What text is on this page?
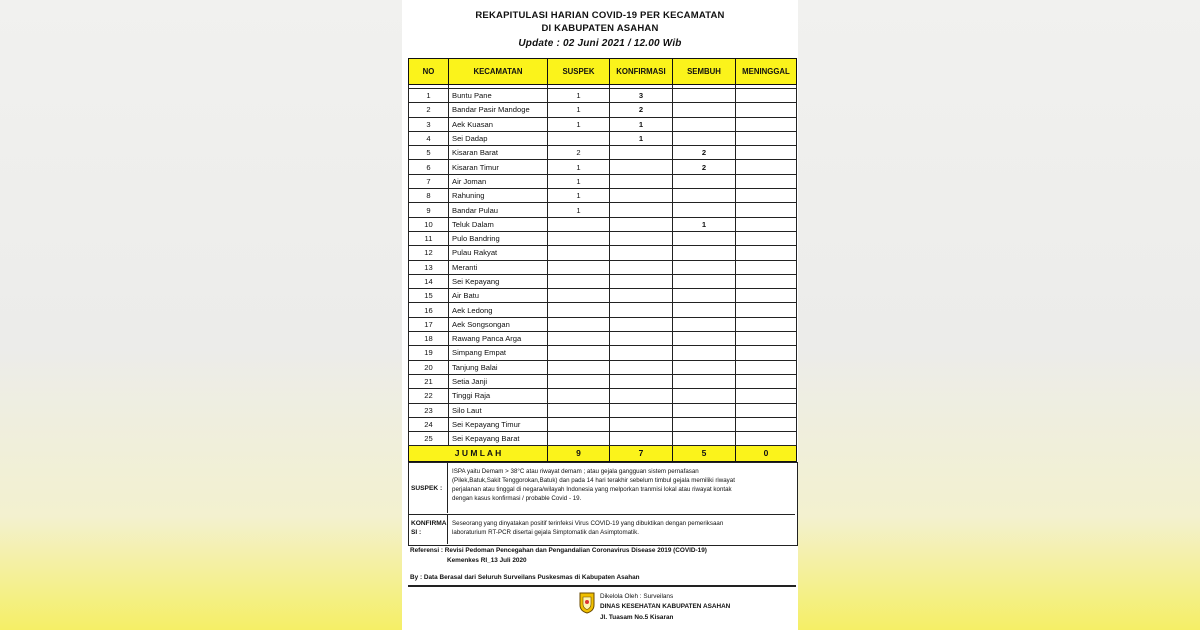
REKAPITULASI HARIAN COVID-19 PER KECAMATAN
DI KABUPATEN ASAHAN
Update : 02 Juni 2021 / 12.00 Wib
NO	KECAMATAN	SUSPEK	KONFIRMASI	SEMBUH	MENINGGAL

1	Buntu Pane	1	3		
2	Bandar Pasir Mandoge	1	2		
3	Aek Kuasan	1	1		
4	Sei Dadap		1		
5	Kisaran Barat	2		2	
6	Kisaran Timur	1		2	
7	Air Joman	1			
8	Rahuning	1			
9	Bandar Pulau	1			
10	Teluk Dalam			1	
11	Pulo Bandring				
12	Pulau Rakyat				
13	Meranti				
14	Sei Kepayang				
15	Air Batu				
16	Aek Ledong				
17	Aek Songsongan				
18	Rawang Panca Arga				
19	Simpang Empat				
20	Tanjung Balai				
21	Setia Janji				
22	Tinggi Raja				
23	Silo Laut				
24	Sei Kepayang Timur				
25	Sei Kepayang Barat				
J U M L A H		9	7	5	0
SUSPEK :
ISPA yaitu Demam > 38°C atau riwayat demam ; atau gejala gangguan sistem pernafasan
(Pilek,Batuk,Sakit Tenggorokan,Batuk) dan pada 14 hari terakhir sebelum timbul gejala memiliki riwayat
perjalanan atau tinggal di negara/wilayah Indonesia yang melporkan tranmisi lokal atau riwayat kontak
dengan kasus konfirmasi / probable Covid - 19.
KONFIRMA
SI :
Seseorang yang dinyatakan positif terinfeksi Virus COVID-19 yang dibuktikan dengan pemeriksaan
laboraturium RT-PCR disertai gejala Simptomatik dan Asimptomatik.
Referensi : Revisi Pedoman Pencegahan dan Pengandalian Coronavirus Disease 2019 (COVID-19)
Kemenkes RI_13 Juli 2020
By : Data Berasal dari Seluruh Surveilans Puskesmas di Kabupaten Asahan
Dikelola Oleh : Surveilans
DINAS KESEHATAN KABUPATEN ASAHAN
Jl. Tuasam No.5 Kisaran
